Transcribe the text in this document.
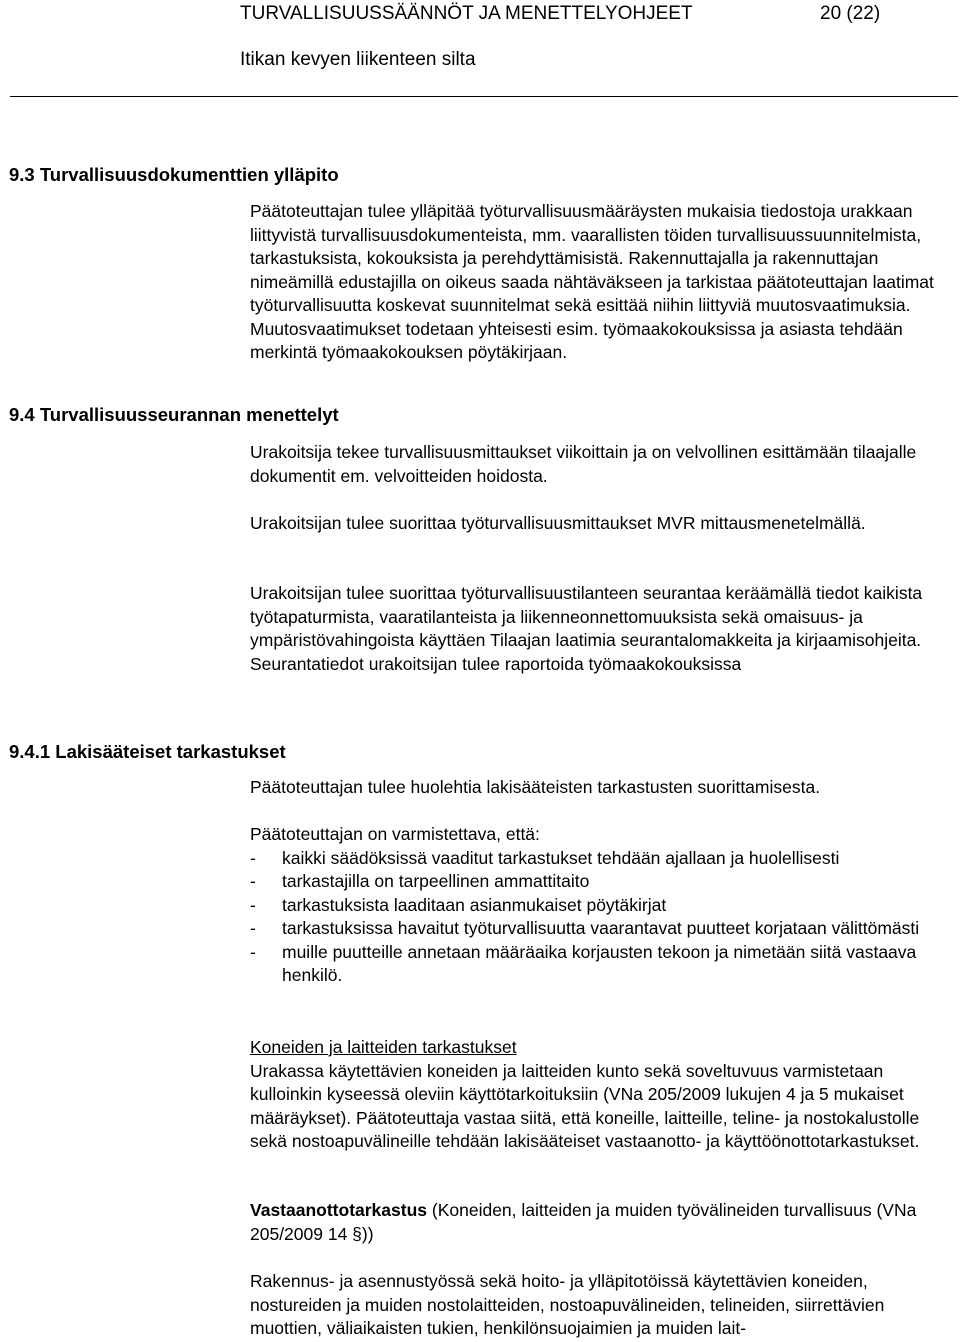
TURVALLISUUSSÄÄNNÖT JA MENETTELYOHJEET	20 (22)
Itikan kevyen liikenteen silta
9.3 Turvallisuusdokumenttien ylläpito

Päätoteuttajan tulee ylläpitää työturvallisuusmääräysten mukaisia tiedostoja urakkaan liittyvistä turvallisuusdokumenteista, mm. vaarallisten töiden turvallisuussuunnitelmista, tarkastuksista, kokouksista ja perehdyttämisistä. Rakennuttajalla ja rakennuttajan nimeämillä edustajilla on oikeus saada nähtäväkseen ja tarkistaa päätoteuttajan laatimat työturvallisuutta koskevat suunnitelmat sekä esittää niihin liittyviä muutosvaatimuksia. Muutosvaatimukset todetaan yhteisesti esim. työmaakokouksissa ja asiasta tehdään merkintä työmaakokouksen pöytäkirjaan.

9.4 Turvallisuusseurannan menettelyt

Urakoitsija tekee turvallisuusmittaukset viikoittain ja on velvollinen esittämään tilaajalle dokumentit em. velvoitteiden hoidosta.

Urakoitsijan tulee suorittaa työturvallisuusmittaukset MVR mittausmenetelmällä.

Urakoitsijan tulee suorittaa työturvallisuustilanteen seurantaa keräämällä tiedot kaikista työtapaturmista, vaaratilanteista ja liikenneonnettomuuksista sekä omaisuus- ja ympäristövahingoista käyttäen Tilaajan laatimia seurantalomakkeita ja kirjaamisohjeita. Seurantatiedot urakoitsijan tulee raportoida työmaakokouksissa

9.4.1 Lakisääteiset tarkastukset

Päätoteuttajan tulee huolehtia lakisääteisten tarkastusten suorittamisesta.

Päätoteuttajan on varmistettava, että:

-	kaikki säädöksissä vaaditut tarkastukset tehdään ajallaan ja huolellisesti
-	tarkastajilla on tarpeellinen ammattitaito
-	tarkastuksista laaditaan asianmukaiset pöytäkirjat
-	tarkastuksissa havaitut työturvallisuutta vaarantavat puutteet korjataan välittömästi
-	muille puutteille annetaan määräaika korjausten tekoon ja nimetään siitä vastaava henkilö.

Koneiden ja laitteiden tarkastukset

Urakassa käytettävien koneiden ja laitteiden kunto sekä soveltuvuus varmistetaan kulloinkin kyseessä oleviin käyttötarkoituksiin (VNa 205/2009 lukujen 4 ja 5 mukaiset määräykset). Päätoteuttaja vastaa siitä, että koneille, laitteille, teline- ja nostokalustolle sekä nostoapuvälineille tehdään lakisääteiset vastaanotto- ja käyttöönottotarkastukset.

Vastaanottotarkastus (Koneiden, laitteiden ja muiden työvälineiden turvallisuus (VNa 205/2009 14 §))

Rakennus- ja asennustyössä sekä hoito- ja ylläpitotöissä käytettävien koneiden, nostureiden ja muiden nostolaitteiden, nostoapuvälineiden, telineiden, siirrettävien muottien, väliaikaisten tukien, henkilönsuojaimien ja muiden lait-
